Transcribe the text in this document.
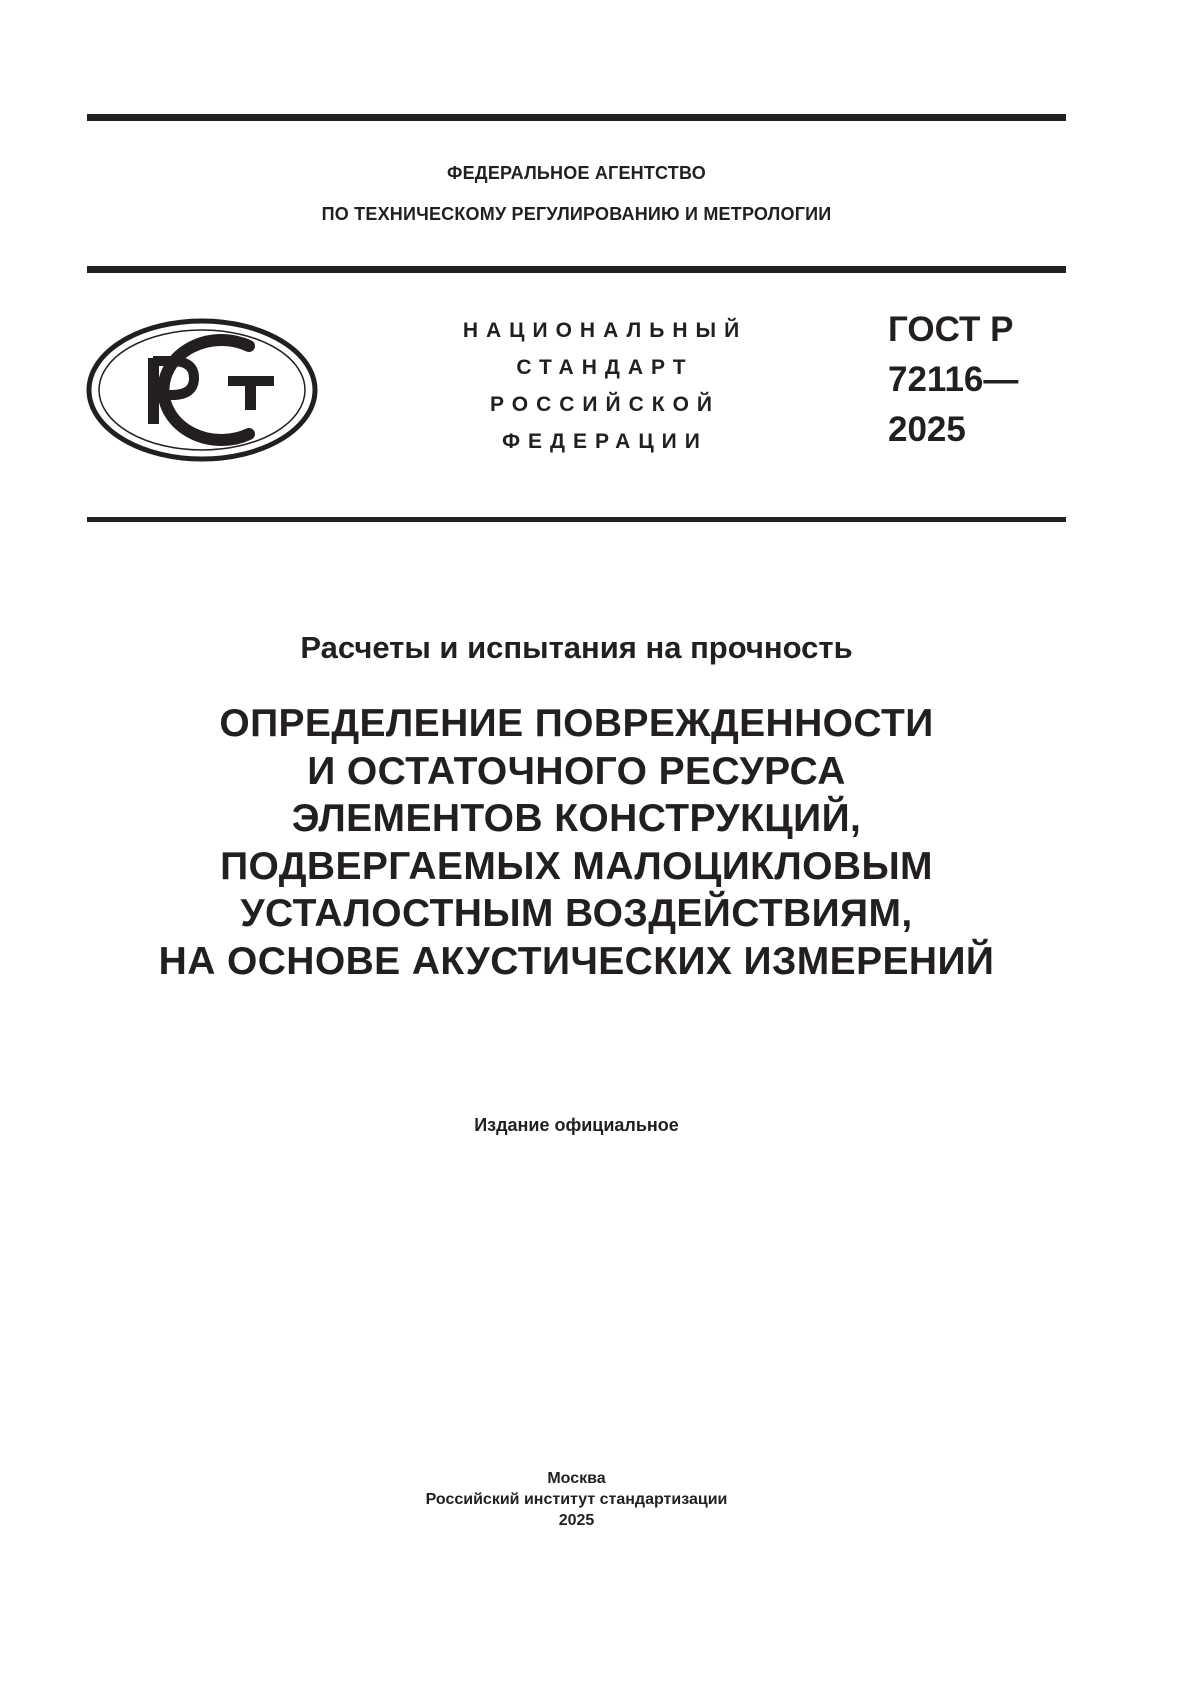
ФЕДЕРАЛЬНОЕ АГЕНТСТВО
ПО ТЕХНИЧЕСКОМУ РЕГУЛИРОВАНИЮ И МЕТРОЛОГИИ
НАЦИОНАЛЬНЫЙ
СТАНДАРТ
РОССИЙСКОЙ
ФЕДЕРАЦИИ
ГОСТ Р
72116—
2025
Расчеты и испытания на прочность
ОПРЕДЕЛЕНИЕ ПОВРЕЖДЕННОСТИ
И ОСТАТОЧНОГО РЕСУРСА
ЭЛЕМЕНТОВ КОНСТРУКЦИЙ,
ПОДВЕРГАЕМЫХ МАЛОЦИКЛОВЫМ
УСТАЛОСТНЫМ ВОЗДЕЙСТВИЯМ,
НА ОСНОВЕ АКУСТИЧЕСКИХ ИЗМЕРЕНИЙ
Издание официальное
Москва
Российский институт стандартизации
2025
